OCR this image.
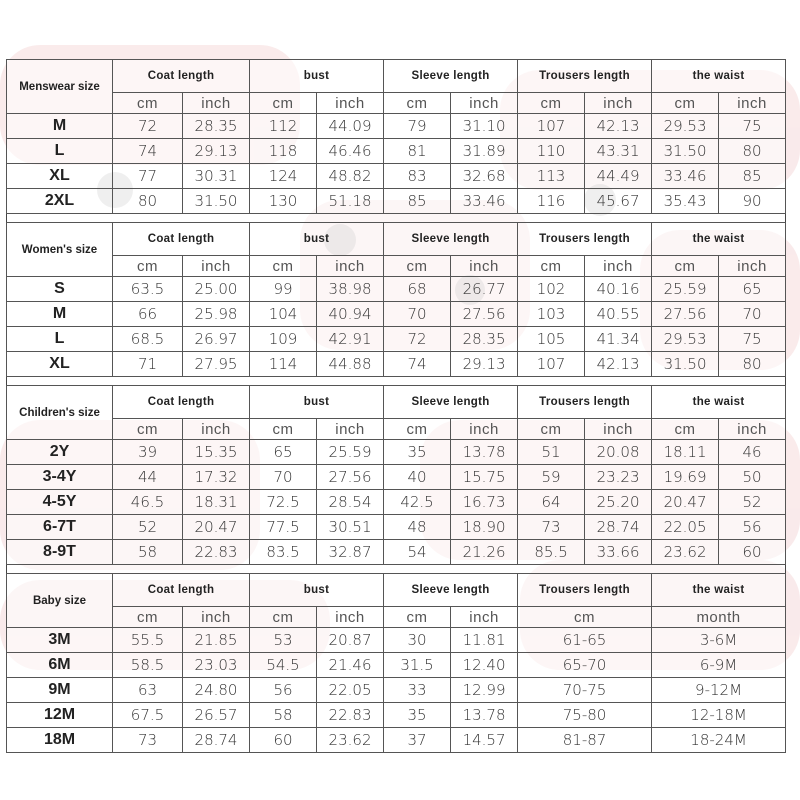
Menswear size	Coat length		bust		Sleeve length		Trousers length		the waist	
	cm	inch	cm	inch	cm	inch	cm	inch	cm	inch
M	72	28.35	112	44.09	79	31.10	107	42.13	29.53	75
L	74	29.13	118	46.46	81	31.89	110	43.31	31.50	80
XL	77	30.31	124	48.82	83	32.68	113	44.49	33.46	85
2XL	80	31.50	130	51.18	85	33.46	116	45.67	35.43	90

Women's size	Coat length		bust		Sleeve length		Trousers length		the waist	
	cm	inch	cm	inch	cm	inch	cm	inch	cm	inch
S	63.5	25.00	99	38.98	68	26.77	102	40.16	25.59	65
M	66	25.98	104	40.94	70	27.56	103	40.55	27.56	70
L	68.5	26.97	109	42.91	72	28.35	105	41.34	29.53	75
XL	71	27.95	114	44.88	74	29.13	107	42.13	31.50	80

Children's size	Coat length		bust		Sleeve length		Trousers length		the waist	
	cm	inch	cm	inch	cm	inch	cm	inch	cm	inch
2Y	39	15.35	65	25.59	35	13.78	51	20.08	18.11	46
3-4Y	44	17.32	70	27.56	40	15.75	59	23.23	19.69	50
4-5Y	46.5	18.31	72.5	28.54	42.5	16.73	64	25.20	20.47	52
6-7T	52	20.47	77.5	30.51	48	18.90	73	28.74	22.05	56
8-9T	58	22.83	83.5	32.87	54	21.26	85.5	33.66	23.62	60

Baby size	Coat length		bust		Sleeve length		Trousers length		the waist	
	cm	inch	cm	inch	cm	inch	cm		month	
3M	55.5	21.85	53	20.87	30	11.81	61-65		3-6M	
6M	58.5	23.03	54.5	21.46	31.5	12.40	65-70		6-9M	
9M	63	24.80	56	22.05	33	12.99	70-75		9-12M	
12M	67.5	26.57	58	22.83	35	13.78	75-80		12-18M	
18M	73	28.74	60	23.62	37	14.57	81-87		18-24M	
